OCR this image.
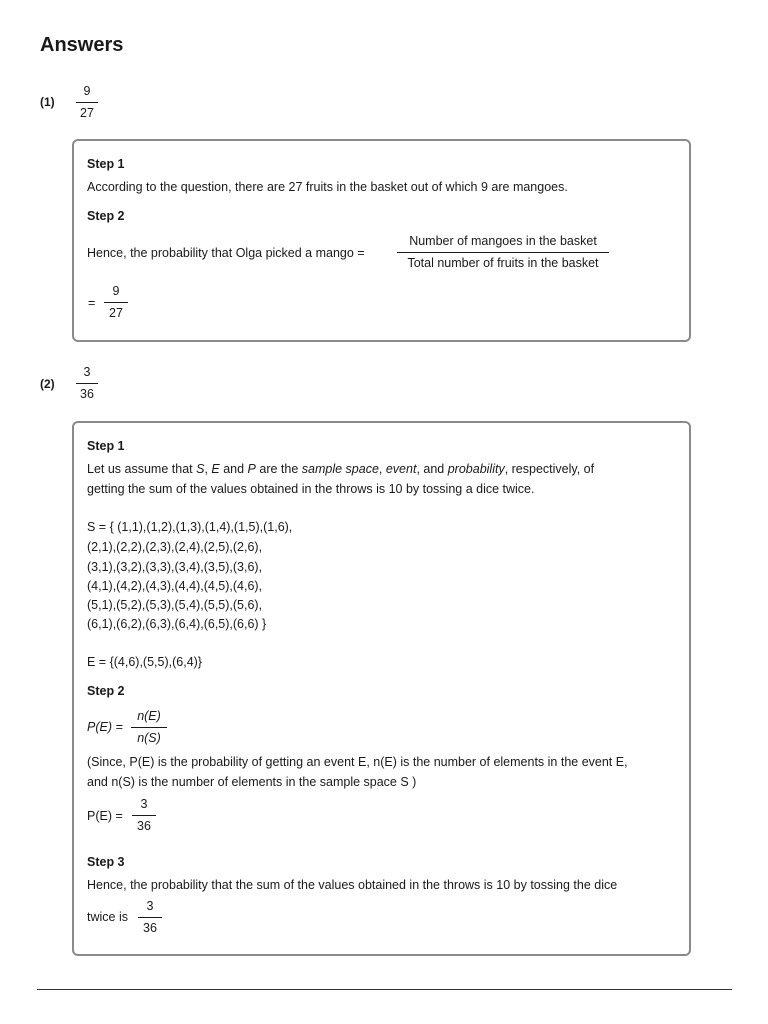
Answers
$(1) \frac{9}{27}$
Step 1
According to the question, there are 27 fruits in the basket out of which 9 are mangoes.
Step 2
Hence, the probability that Olga picked a mango =
Number of mangoes in the basket
Total number of fruits in the basket
= $\frac{9}{27}$
$(2) \frac{3}{36}$
Step 1
Let us assume that S, E and P are the sample space, event, and probability, respectively, of
getting the sum of the values obtained in the throws is 10 by tossing a dice twice.
S = { (1,1),(1,2),(1,3),(1,4),(1,5),(1,6),
(2,1),(2,2),(2,3),(2,4),(2,5),(2,6),
(3,1),(3,2),(3,3),(3,4),(3,5),(3,6),
(4,1),(4,2),(4,3),(4,4),(4,5),(4,6),
(5,1),(5,2),(5,3),(5,4),(5,5),(5,6),
(6,1),(6,2),(6,3),(6,4),(6,5),(6,6) }
E = {(4,6),(5,5),(6,4)}
Step 2
$P(E) = \frac{n(E)}{n(S)}$
(Since, P(E) is the probability of getting an event E, n(E) is the number of elements in the event E,
and n(S) is the number of elements in the sample space S )
$P(E) = \frac{3}{36}$
Step 3
Hence, the probability that the sum of the values obtained in the throws is 10 by tossing the dice
twice is $\frac{3}{36}$
